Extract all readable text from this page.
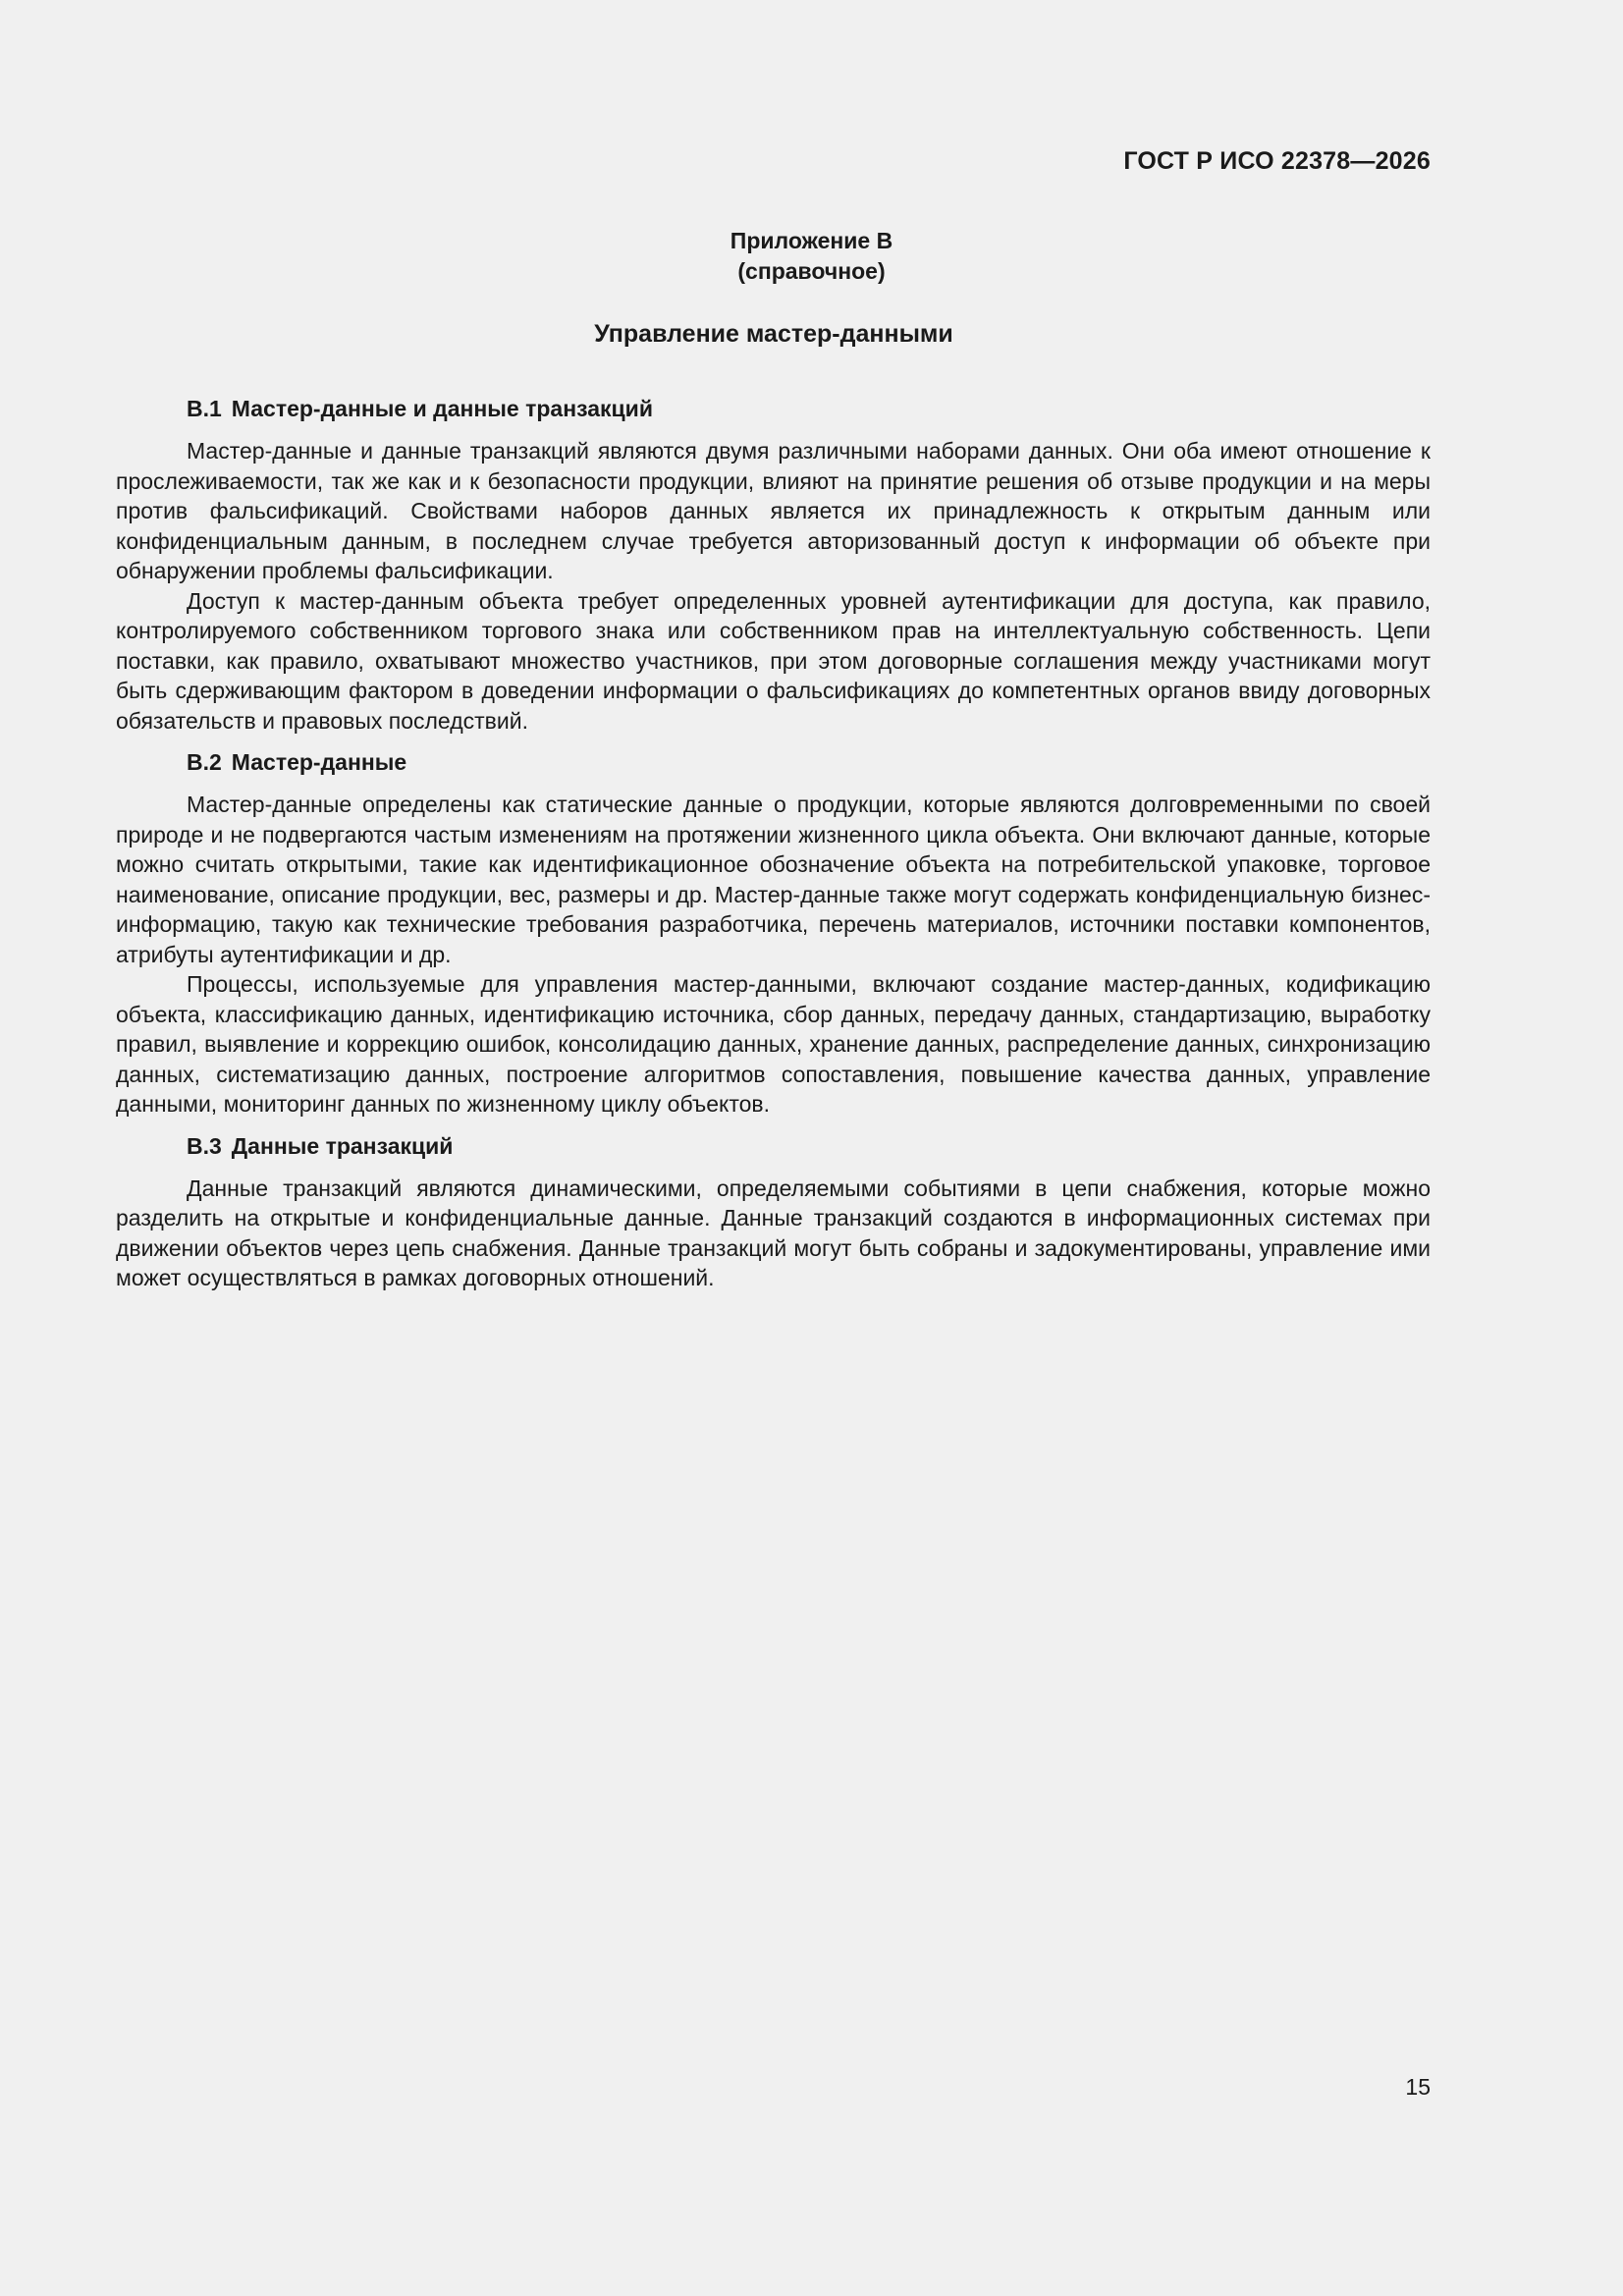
ГОСТ Р ИСО 22378—2026
Приложение В
(справочное)
Управление мастер-данными
В.1 Мастер-данные и данные транзакций

Мастер-данные и данные транзакций являются двумя различными наборами данных. Они оба имеют отношение к прослеживаемости, так же как и к безопасности продукции, влияют на принятие решения об отзыве продукции и на меры против фальсификаций. Свойствами наборов данных является их принадлежность к открытым данным или конфиденциальным данным, в последнем случае требуется авторизованный доступ к информации об объекте при обнаружении проблемы фальсификации.

Доступ к мастер-данным объекта требует определенных уровней аутентификации для доступа, как правило, контролируемого собственником торгового знака или собственником прав на интеллектуальную собственность. Цепи поставки, как правило, охватывают множество участников, при этом договорные соглашения между участниками могут быть сдерживающим фактором в доведении информации о фальсификациях до компетентных органов ввиду договорных обязательств и правовых последствий.

В.2 Мастер-данные

Мастер-данные определены как статические данные о продукции, которые являются долговременными по своей природе и не подвергаются частым изменениям на протяжении жизненного цикла объекта. Они включают данные, которые можно считать открытыми, такие как идентификационное обозначение объекта на потребительской упаковке, торговое наименование, описание продукции, вес, размеры и др. Мастер-данные также могут содержать конфиденциальную бизнес-информацию, такую как технические требования разработчика, перечень материалов, источники поставки компонентов, атрибуты аутентификации и др.

Процессы, используемые для управления мастер-данными, включают создание мастер-данных, кодификацию объекта, классификацию данных, идентификацию источника, сбор данных, передачу данных, стандартизацию, выработку правил, выявление и коррекцию ошибок, консолидацию данных, хранение данных, распределение данных, синхронизацию данных, систематизацию данных, построение алгоритмов сопоставления, повышение качества данных, управление данными, мониторинг данных по жизненному циклу объектов.

В.3 Данные транзакций

Данные транзакций являются динамическими, определяемыми событиями в цепи снабжения, которые можно разделить на открытые и конфиденциальные данные. Данные транзакций создаются в информационных системах при движении объектов через цепь снабжения. Данные транзакций могут быть собраны и задокументированы, управление ими может осуществляться в рамках договорных отношений.

15
